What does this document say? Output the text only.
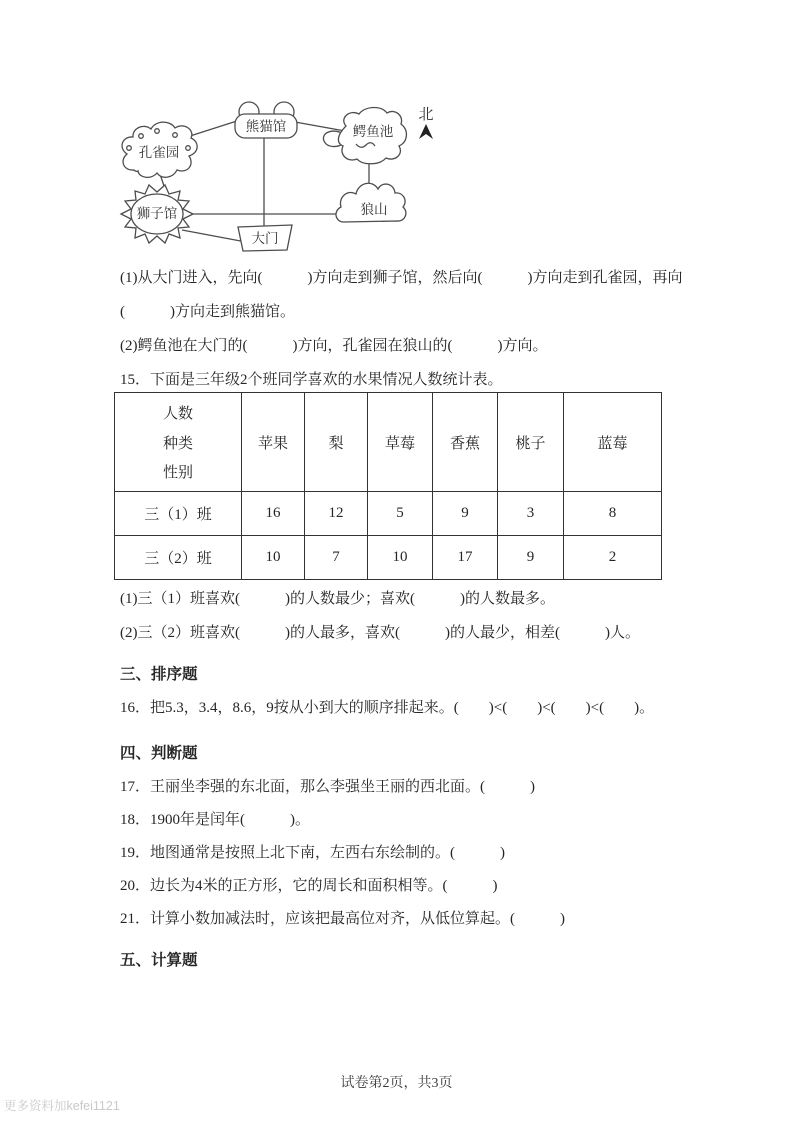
熊猫馆
孔雀园
鳄鱼池
狮子馆	狼山
大门
北

(1)从大门进入，先向(　　　)方向走到狮子馆，然后向(　　　)方向走到孔雀园，再向

(　　　)方向走到熊猫馆。

(2)鳄鱼池在大门的(　　　)方向，孔雀园在狼山的(　　　)方向。

15．下面是三年级2个班同学喜欢的水果情况人数统计表。

人数
种类
性别	苹果	梨	草莓	香蕉	桃子	蓝莓
三（1）班	16	12	5	9	3	8
三（2）班	10	7	10	17	9	2

(1)三（1）班喜欢(　　　)的人数最少；喜欢(　　　)的人数最多。

(2)三（2）班喜欢(　　　)的人最多，喜欢(　　　)的人最少，相差(　　　)人。

三、排序题

16．把5.3，3.4，8.6，9按从小到大的顺序排起来。(　　)<(　　)<(　　)<(　　)。

四、判断题

17．王丽坐李强的东北面，那么李强坐王丽的西北面。(　　　)

18．1900年是闰年(　　　)。

19．地图通常是按照上北下南，左西右东绘制的。(　　　)

20．边长为4米的正方形，它的周长和面积相等。(　　　)

21．计算小数加减法时，应该把最高位对齐，从低位算起。(　　　)

五、计算题
试卷第2页，共3页
更多资料加kefei1121
